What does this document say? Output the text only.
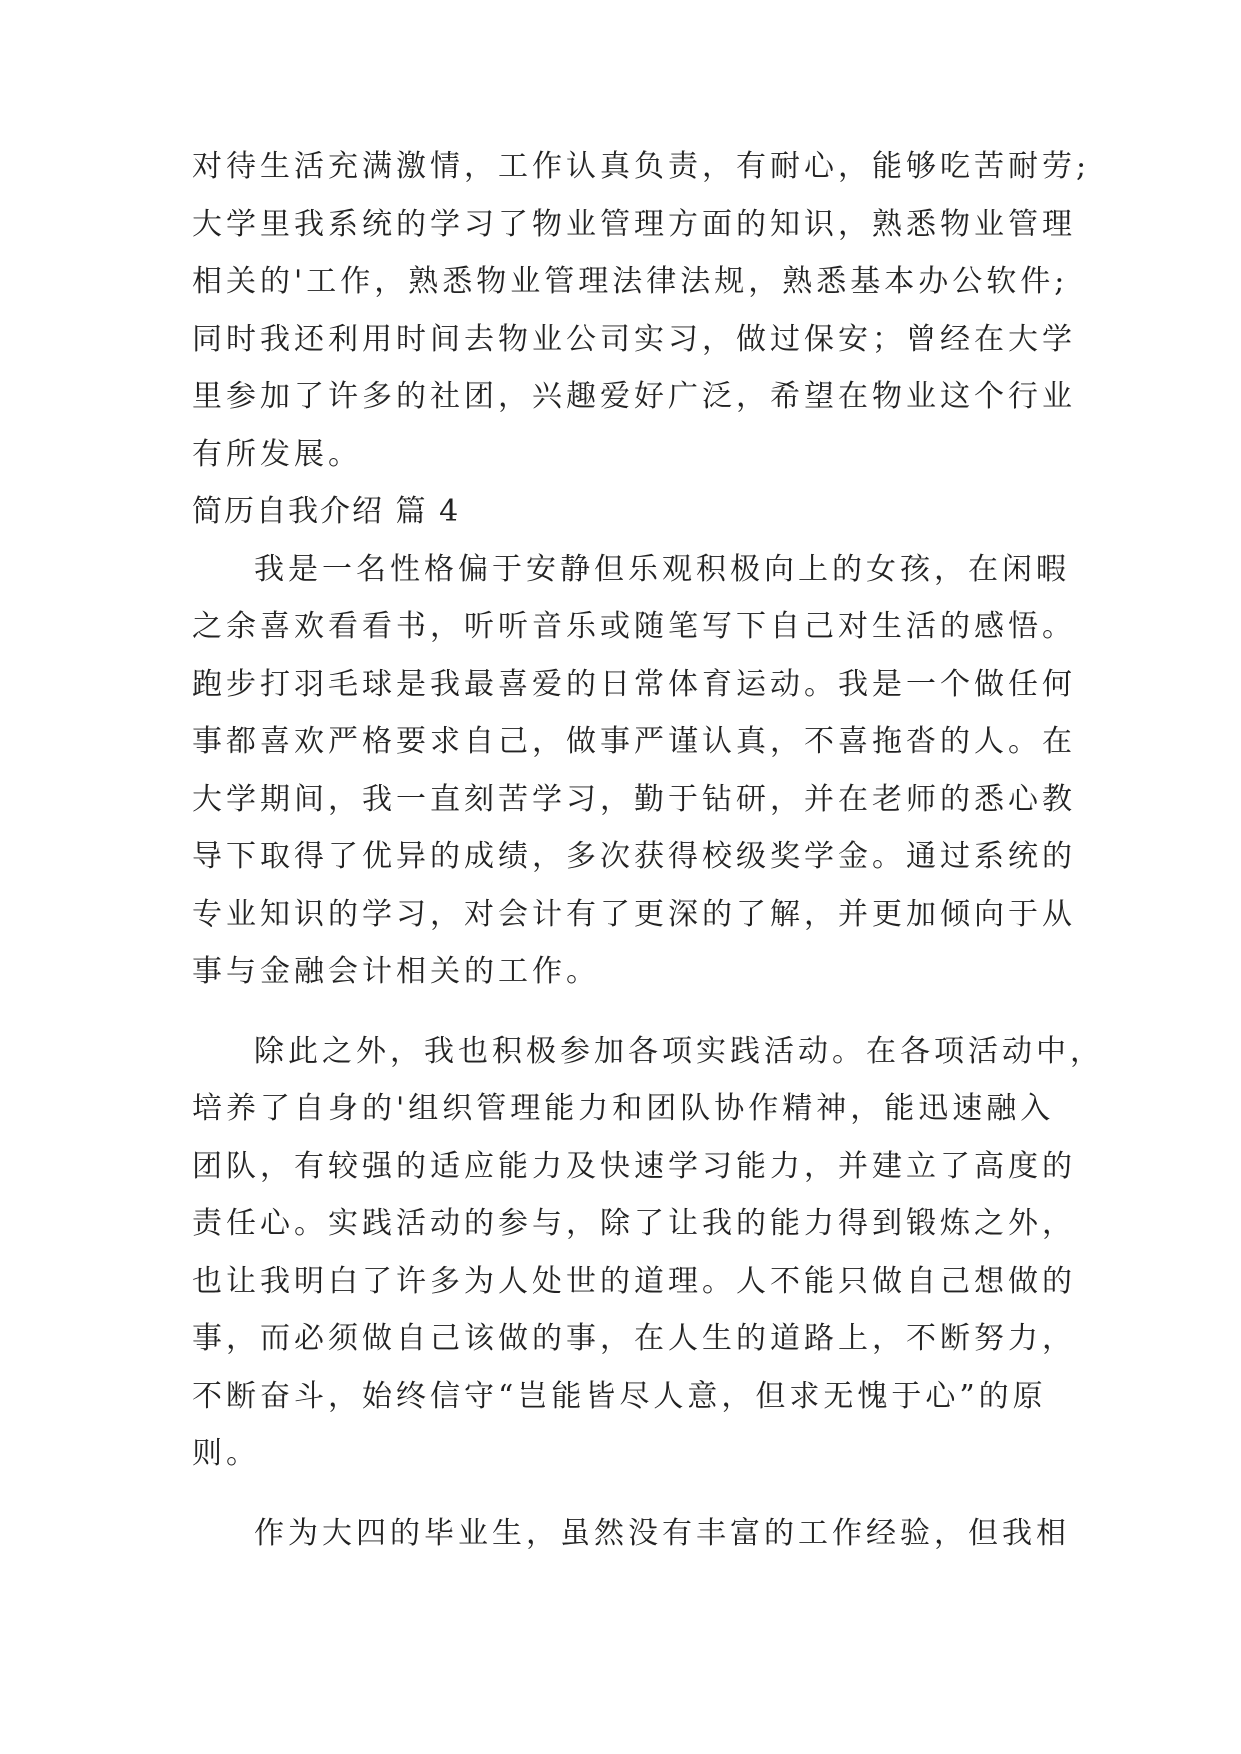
对待生活充满激情，工作认真负责，有耐心，能够吃苦耐劳;
大学里我系统的学习了物业管理方面的知识，熟悉物业管理
相关的'工作，熟悉物业管理法律法规，熟悉基本办公软件;
同时我还利用时间去物业公司实习，做过保安；曾经在大学
里参加了许多的社团，兴趣爱好广泛，希望在物业这个行业
有所发展。
简历自我介绍 篇 4
我是一名性格偏于安静但乐观积极向上的女孩，在闲暇
之余喜欢看看书，听听音乐或随笔写下自己对生活的感悟。
跑步打羽毛球是我最喜爱的日常体育运动。我是一个做任何
事都喜欢严格要求自己，做事严谨认真，不喜拖沓的人。在
大学期间，我一直刻苦学习，勤于钻研，并在老师的悉心教
导下取得了优异的成绩，多次获得校级奖学金。通过系统的
专业知识的学习，对会计有了更深的了解，并更加倾向于从
事与金融会计相关的工作。
除此之外，我也积极参加各项实践活动。在各项活动中，
培养了自身的'组织管理能力和团队协作精神，能迅速融入
团队，有较强的适应能力及快速学习能力，并建立了高度的
责任心。实践活动的参与，除了让我的能力得到锻炼之外，
也让我明白了许多为人处世的道理。人不能只做自己想做的
事，而必须做自己该做的事，在人生的道路上，不断努力，
不断奋斗，始终信守“岂能皆尽人意，但求无愧于心”的原
则。
作为大四的毕业生，虽然没有丰富的工作经验，但我相
